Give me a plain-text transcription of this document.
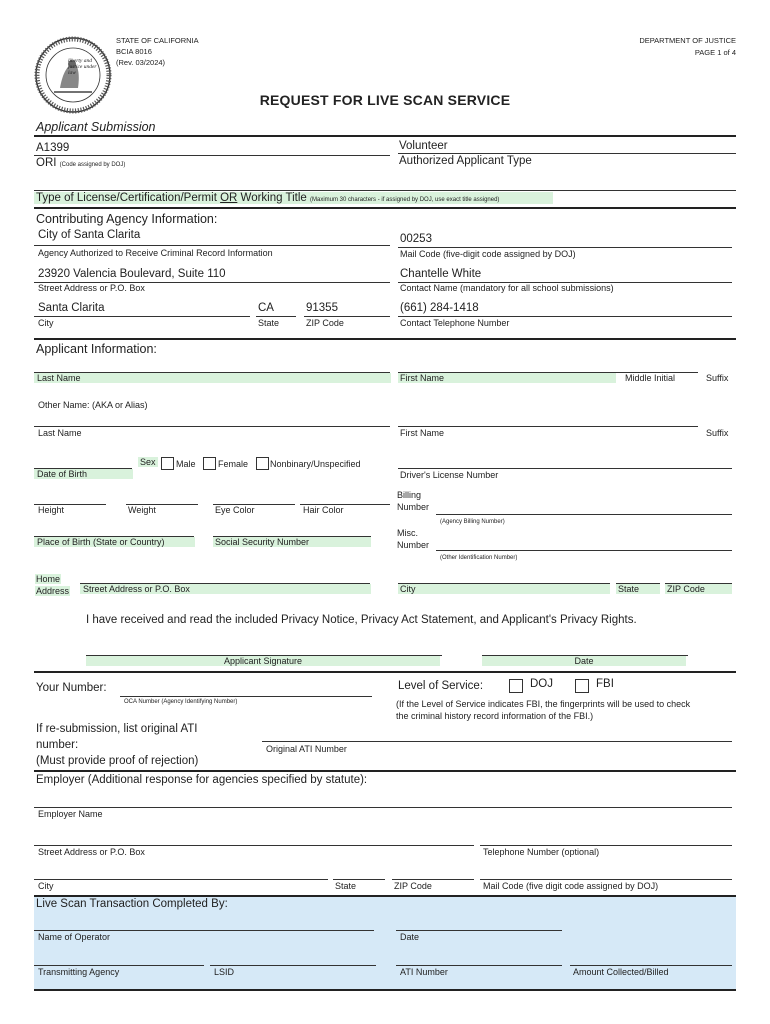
liberty and justice under law
STATE OF CALIFORNIA
BCIA 8016
(Rev. 03/2024)
DEPARTMENT OF JUSTICE
PAGE 1 of 4
REQUEST FOR LIVE SCAN SERVICE
Applicant Submission
A1399
ORI (Code assigned by DOJ)
Volunteer
Authorized Applicant Type
Type of License/Certification/Permit OR Working Title (Maximum 30 characters - if assigned by DOJ, use exact title assigned)
Contributing Agency Information:
City of Santa Clarita
Agency Authorized to Receive Criminal Record Information
00253
Mail Code (five-digit code assigned by DOJ)
23920 Valencia Boulevard, Suite 110
Street Address or P.O. Box
Chantelle White
Contact Name (mandatory for all school submissions)
Santa Clarita	CA	91355
City	State	ZIP Code
(661) 284-1418
Contact Telephone Number
Applicant Information:
Last Name	First Name	Middle Initial	Suffix
Other Name: (AKA or Alias)
Last Name	First Name	Suffix
Date of Birth
Sex Male Female Nonbinary/Unspecified
Driver's License Number
Height	Weight	Eye Color	Hair Color
Billing
Number
(Agency Billing Number)
Place of Birth (State or Country)	Social Security Number
Misc.
Number
(Other Identification Number)
Home
Address	Street Address or P.O. Box	City	State	ZIP Code
I have received and read the included Privacy Notice, Privacy Act Statement, and Applicant's Privacy Rights.
Applicant Signature	Date
Your Number:
OCA Number (Agency Identifying Number)
Level of Service:	DOJ	FBI
(If the Level of Service indicates FBI, the fingerprints will be used to check
the criminal history record information of the FBI.)
If re-submission, list original ATI
number:
(Must provide proof of rejection)
Original ATI Number
Employer (Additional response for agencies specified by statute):
Employer Name
Street Address or P.O. Box	Telephone Number (optional)
City	State	ZIP Code	Mail Code (five digit code assigned by DOJ)
Live Scan Transaction Completed By:
Name of Operator	Date
Transmitting Agency	LSID	ATI Number	Amount Collected/Billed
